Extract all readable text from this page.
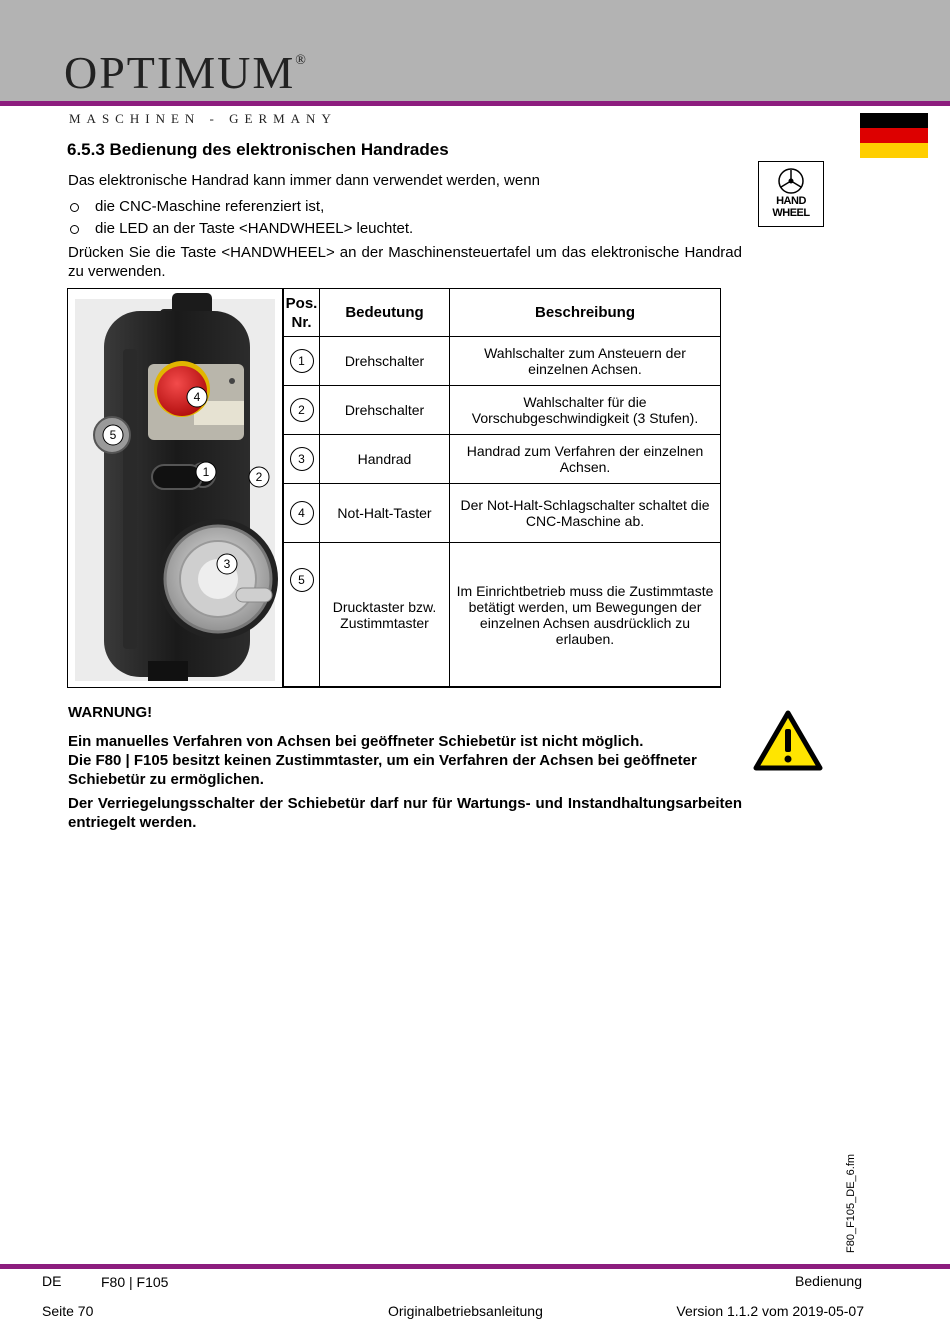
OPTIMUM®
MASCHINEN - GERMANY
6.5.3 Bedienung des elektronischen Handrades
Das elektronische Handrad kann immer dann verwendet werden, wenn
die CNC-Maschine referenziert ist,
die LED an der Taste <HANDWHEEL> leuchtet.
Drücken Sie die Taste <HANDWHEEL> an der Maschinensteuertafel um das elektronische Handrad zu verwenden.
HAND
WHEEL
4
5
1	2
3
Pos. Nr.	Bedeutung	Beschreibung
1	Drehschalter	Wahlschalter zum Ansteuern der einzelnen Achsen.
2	Drehschalter	Wahlschalter für die Vorschubgeschwindigkeit (3 Stufen).
3	Handrad	Handrad zum Verfahren der einzelnen Achsen.
4	Not-Halt-Taster	Der Not-Halt-Schlagschalter schaltet die CNC-Maschine ab.
5	Drucktaster bzw. Zustimmtaster	Im Einrichtbetrieb muss die Zustimmtaste betätigt werden, um Bewegungen der einzelnen Achsen ausdrücklich zu erlauben.
WARNUNG!

Ein manuelles Verfahren von Achsen bei geöffneter Schiebetür ist nicht möglich.

Die F80 | F105 besitzt keinen Zustimmtaster, um ein Verfahren der Achsen bei geöffneter Schiebetür zu ermöglichen.

Der Verriegelungsschalter der Schiebetür darf nur für Wartungs- und Instandhaltungsarbeiten entriegelt werden.

F80_F105_DE_6.fm
DE	F80 | F105	Bedienung
Seite 70	Originalbetriebsanleitung	Version 1.1.2 vom 2019-05-07
